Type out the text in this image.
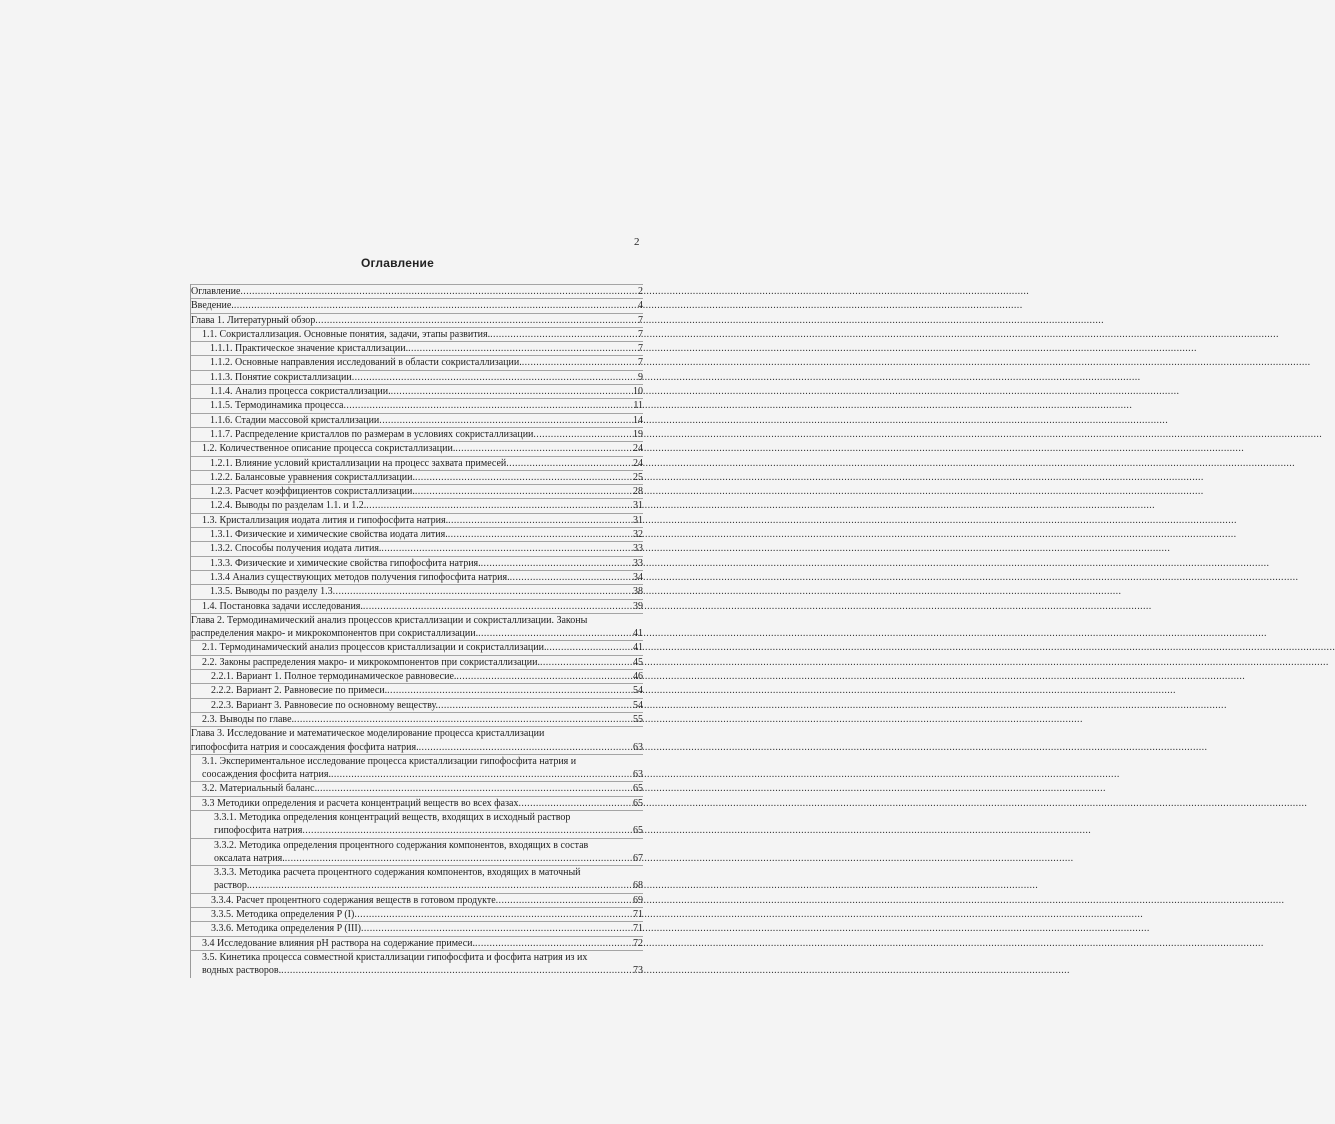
2
Оглавление
Оглавление .....	2
Введение. .....	4
Глава 1. Литературный обзор .....	7
1.1. Сокристаллизация. Основные понятия, задачи, этапы развития. .....	7
1.1.1. Практическое значение кристаллизации. .....	7
1.1.2. Основные направления исследований в области сокристаллизации. .....	7
1.1.3. Понятие сокристаллизации .....	9
1.1.4. Анализ процесса сокристаллизации. .....	10
1.1.5. Термодинамика процесса .....	11
1.1.6. Стадии массовой кристаллизации .....	14
1.1.7. Распределение кристаллов по размерам в условиях сокристаллизации .....	19
1.2. Количественное описание процесса сокристаллизации. .....	24
1.2.1. Влияние условий кристаллизации на процесс захвата примесей .....	24
1.2.2. Балансовые уравнения сокристаллизации. .....	25
1.2.3. Расчет коэффициентов сокристаллизации. .....	28
1.2.4. Выводы по разделам 1.1. и 1.2. .....	31
1.3. Кристаллизация иодата лития и гипофосфита натрия. .....	31
1.3.1. Физические и химические свойства иодата лития. .....	32
1.3.2. Способы получения иодата лития. .....	33
1.3.3. Физические и химические свойства гипофосфита натрия. .....	33
1.3.4 Анализ существующих методов получения гипофосфита натрия. .....	34
1.3.5. Выводы по разделу 1.3 .....	38
1.4. Постановка задачи исследования. .....	39
Глава 2. Термодинамический анализ процессов кристаллизации и сокристаллизации. Законы
распределения макро- и микрокомпонентов при сокристаллизации. .....	41
2.1. Термодинамический анализ процессов кристаллизации и сокристаллизации. .....	41
2.2. Законы распределения макро- и микрокомпонентов при сокристаллизации. .....	45
2.2.1. Вариант 1. Полное термодинамическое равновесие. .....	46
2.2.2. Вариант 2. Равновесие по примеси. .....	54
2.2.3. Вариант 3. Равновесие по основному веществу. .....	54
2.3. Выводы по главе. .....	55
Глава 3. Исследование и математическое моделирование процесса кристаллизации
гипофосфита натрия и соосаждения фосфита натрия. .....	63
3.1. Экспериментальное исследование процесса кристаллизации гипофосфита натрия и
соосаждения фосфита натрия. .....	63
3.2. Материальный баланс. .....	65
3.3 Методики определения и расчета концентраций веществ во всех фазах .....	65
3.3.1. Методика определения концентраций веществ, входящих в исходный раствор
гипофосфита натрия .....	65
3.3.2. Методика определения процентного содержания компонентов, входящих в состав
оксалата натрия. .....	67
3.3.3. Методика расчета процентного содержания компонентов, входящих в маточный
раствор. .....	68
3.3.4. Расчет процентного содержания веществ в готовом продукте .....	69
3.3.5. Методика определения P (I) .....	71
3.3.6. Методика определения P (III) .....	71
3.4 Исследование влияния рН раствора на содержание примеси. .....	72
3.5. Кинетика процесса совместной кристаллизации гипофосфита и фосфита натрия из их
водных растворов. .....	73
